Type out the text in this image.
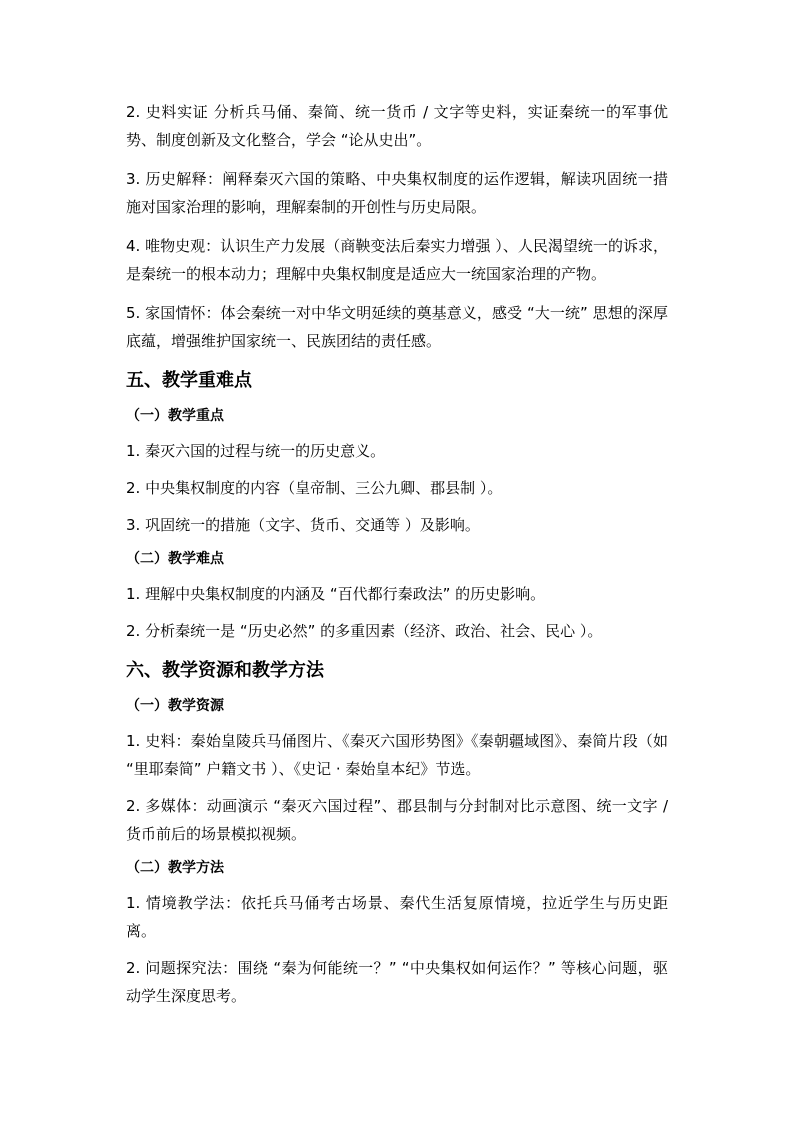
2. 史料实证 分析兵马俑、秦简、统一货币 / 文字等史料，实证秦统一的军事优势、制度创新及文化整合，学会 “论从史出”。

3. 历史解释：阐释秦灭六国的策略、中央集权制度的运作逻辑，解读巩固统一措施对国家治理的影响，理解秦制的开创性与历史局限。

4. 唯物史观：认识生产力发展（商鞅变法后秦实力增强 ）、人民渴望统一的诉求，是秦统一的根本动力；理解中央集权制度是适应大一统国家治理的产物。

5. 家国情怀：体会秦统一对中华文明延续的奠基意义，感受 “大一统” 思想的深厚底蕴，增强维护国家统一、民族团结的责任感。

五、教学重难点
（一）教学重点

1. 秦灭六国的过程与统一的历史意义。

2. 中央集权制度的内容（皇帝制、三公九卿、郡县制 ）。

3. 巩固统一的措施（文字、货币、交通等 ）及影响。

（二）教学难点

1. 理解中央集权制度的内涵及 “百代都行秦政法” 的历史影响。

2. 分析秦统一是 “历史必然” 的多重因素（经济、政治、社会、民心 ）。

六、教学资源和教学方法
（一）教学资源

1. 史料：秦始皇陵兵马俑图片、《秦灭六国形势图》《秦朝疆域图》、秦简片段（如 “里耶秦简” 户籍文书 ）、《史记 · 秦始皇本纪》节选。

2. 多媒体：动画演示 “秦灭六国过程”、郡县制与分封制对比示意图、统一文字 / 货币前后的场景模拟视频。

（二）教学方法

1. 情境教学法：依托兵马俑考古场景、秦代生活复原情境，拉近学生与历史距离。

2. 问题探究法：围绕 “秦为何能统一？” “中央集权如何运作？” 等核心问题，驱动学生深度思考。
